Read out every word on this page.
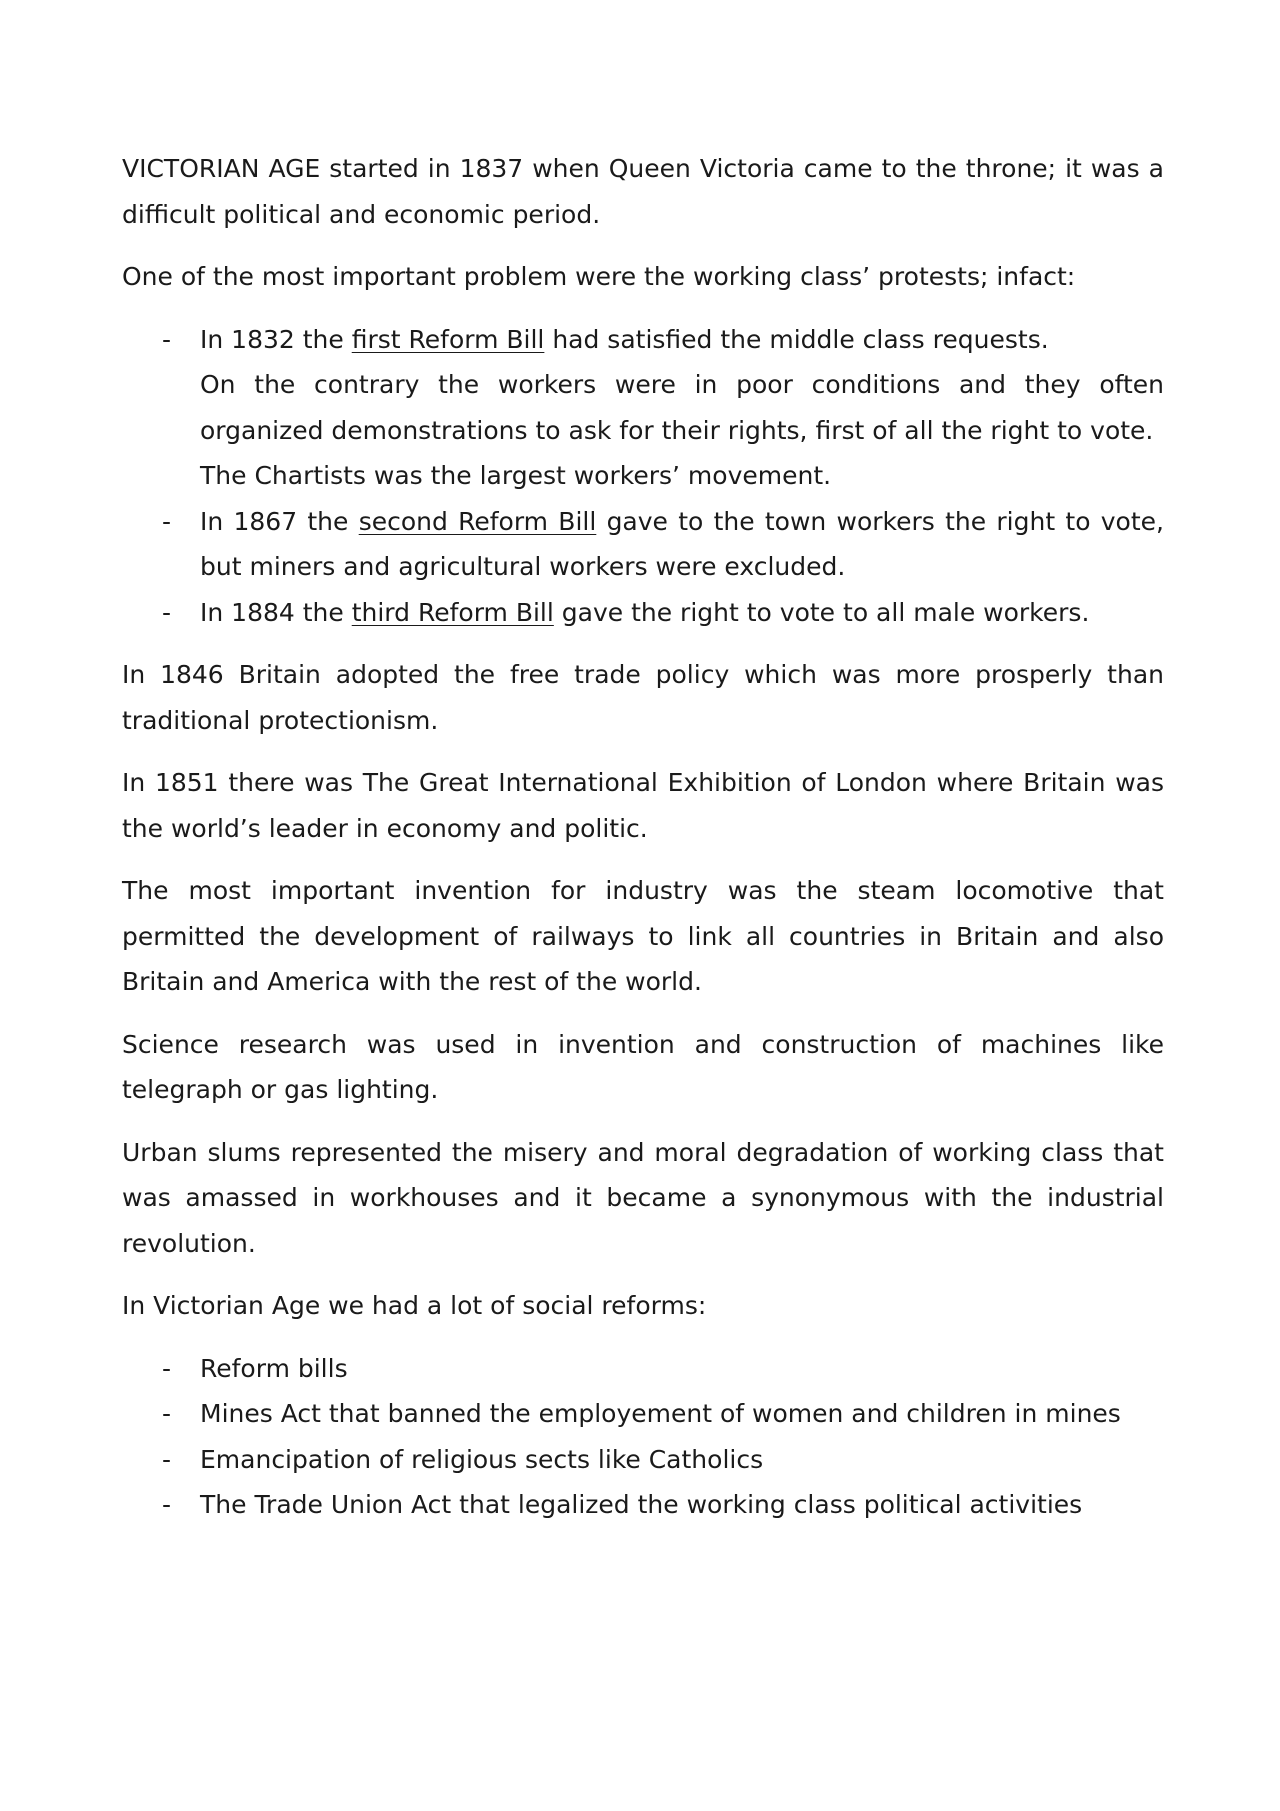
VICTORIAN AGE started in 1837 when Queen Victoria came to the throne; it was a difficult political and economic period.

One of the most important problem were the working class’ protests; infact:

- In 1832 the first Reform Bill had satisfied the middle class requests.
On the contrary the workers were in poor conditions and they often organized demonstrations to ask for their rights, first of all the right to vote.
The Chartists was the largest workers’ movement.
- In 1867 the second Reform Bill gave to the town workers the right to vote, but miners and agricultural workers were excluded.
- In 1884 the third Reform Bill gave the right to vote to all male workers.

In 1846 Britain adopted the free trade policy which was more prosperly than traditional protectionism.

In 1851 there was The Great International Exhibition of London where Britain was the world’s leader in economy and politic.

The most important invention for industry was the steam locomotive that permitted the development of railways to link all countries in Britain and also Britain and America with the rest of the world.

Science research was used in invention and construction of machines like telegraph or gas lighting.

Urban slums represented the misery and moral degradation of working class that was amassed in workhouses and it became a synonymous with the industrial revolution.

In Victorian Age we had a lot of social reforms:

- Reform bills
- Mines Act that banned the employement of women and children in mines
- Emancipation of religious sects like Catholics
- The Trade Union Act that legalized the working class political activities
